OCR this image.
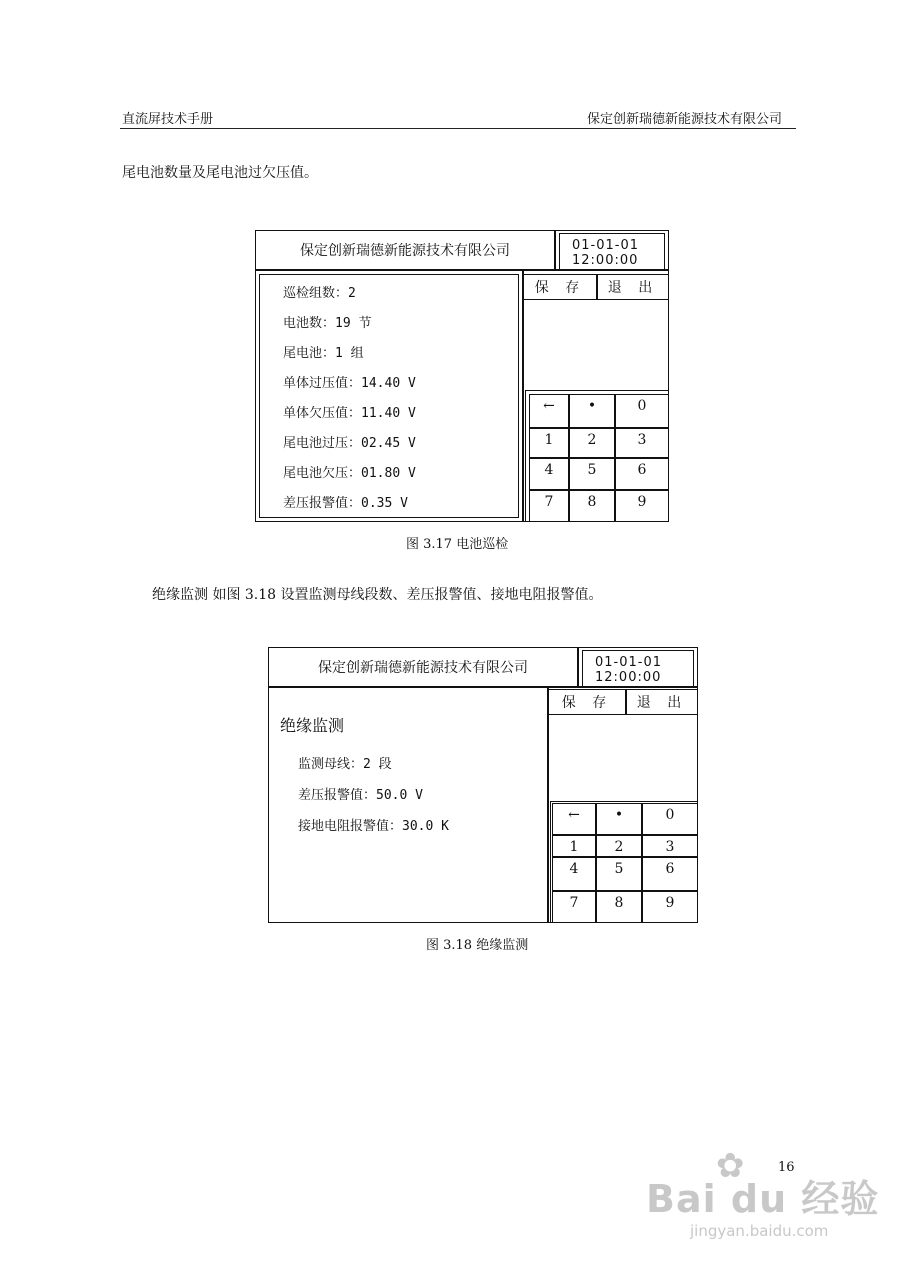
直流屏技术手册	保定创新瑞德新能源技术有限公司
尾电池数量及尾电池过欠压值。
保定创新瑞德新能源技术有限公司	01-01-01
12:00:00
保 存	退 出
巡检组数：2
电池数：19 节
尾电池：1 组
单体过压值：14.40 V
单体欠压值：11.40 V
尾电池过压：02.45 V
尾电池欠压：01.80 V
差压报警值：0.35 V
←	•	0
1	2	3
4	5	6
7	8	9
图 3.17 电池巡检
绝缘监测 如图 3.18 设置监测母线段数、差压报警值、接地电阻报警值。
保定创新瑞德新能源技术有限公司	01-01-01
12:00:00
保 存	退 出
绝缘监测
监测母线：2 段
差压报警值：50.0 V
接地电阻报警值：30.0 K
←	•	0
1	2	3
4	5	6
7	8	9
图 3.18 绝缘监测
16
✿
Bai du 经验
jingyan.baidu.com
